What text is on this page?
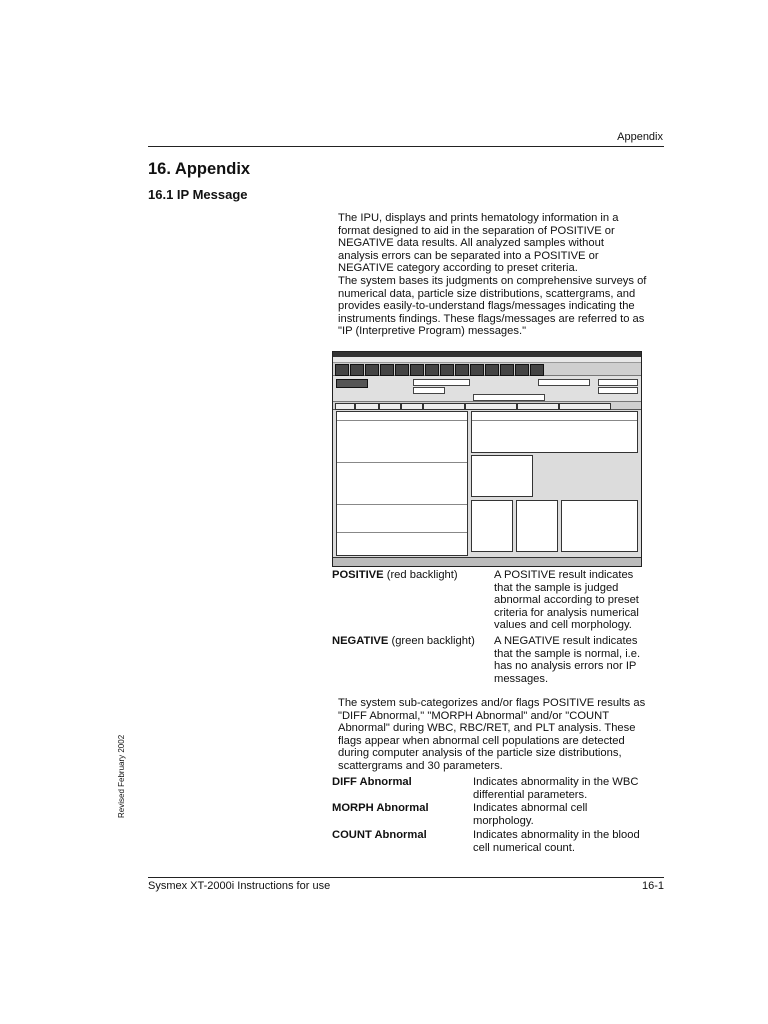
Appendix
16. Appendix
16.1 IP Message
The IPU, displays and prints hematology information in a
format designed to aid in the separation of POSITIVE or
NEGATIVE data results. All analyzed samples without
analysis errors can be separated into a POSITIVE or
NEGATIVE category according to preset criteria.
The system bases its judgments on comprehensive surveys of
numerical data, particle size distributions, scattergrams, and
provides easily-to-understand flags/messages indicating the
instruments findings. These flags/messages are referred to as
"IP (Interpretive Program) messages."
POSITIVE (red backlight)	A POSITIVE result indicates
that the sample is judged
abnormal according to preset
criteria for analysis numerical
values and cell morphology.
NEGATIVE (green backlight) A NEGATIVE result indicates
that the sample is normal, i.e.
has no analysis errors nor IP
messages.
The system sub-categorizes and/or flags POSITIVE results as
"DIFF Abnormal," "MORPH Abnormal" and/or "COUNT
Abnormal" during WBC, RBC/RET, and PLT analysis. These
flags appear when abnormal cell populations are detected
during computer analysis of the particle size distributions,
scattergrams and 30 parameters.
DIFF Abnormal	Indicates abnormality in the WBC
differential parameters.
MORPH Abnormal	Indicates abnormal cell
morphology.
COUNT Abnormal	Indicates abnormality in the blood
cell numerical count.
Revised February 2002
Sysmex XT-2000i Instructions for use	16-1
